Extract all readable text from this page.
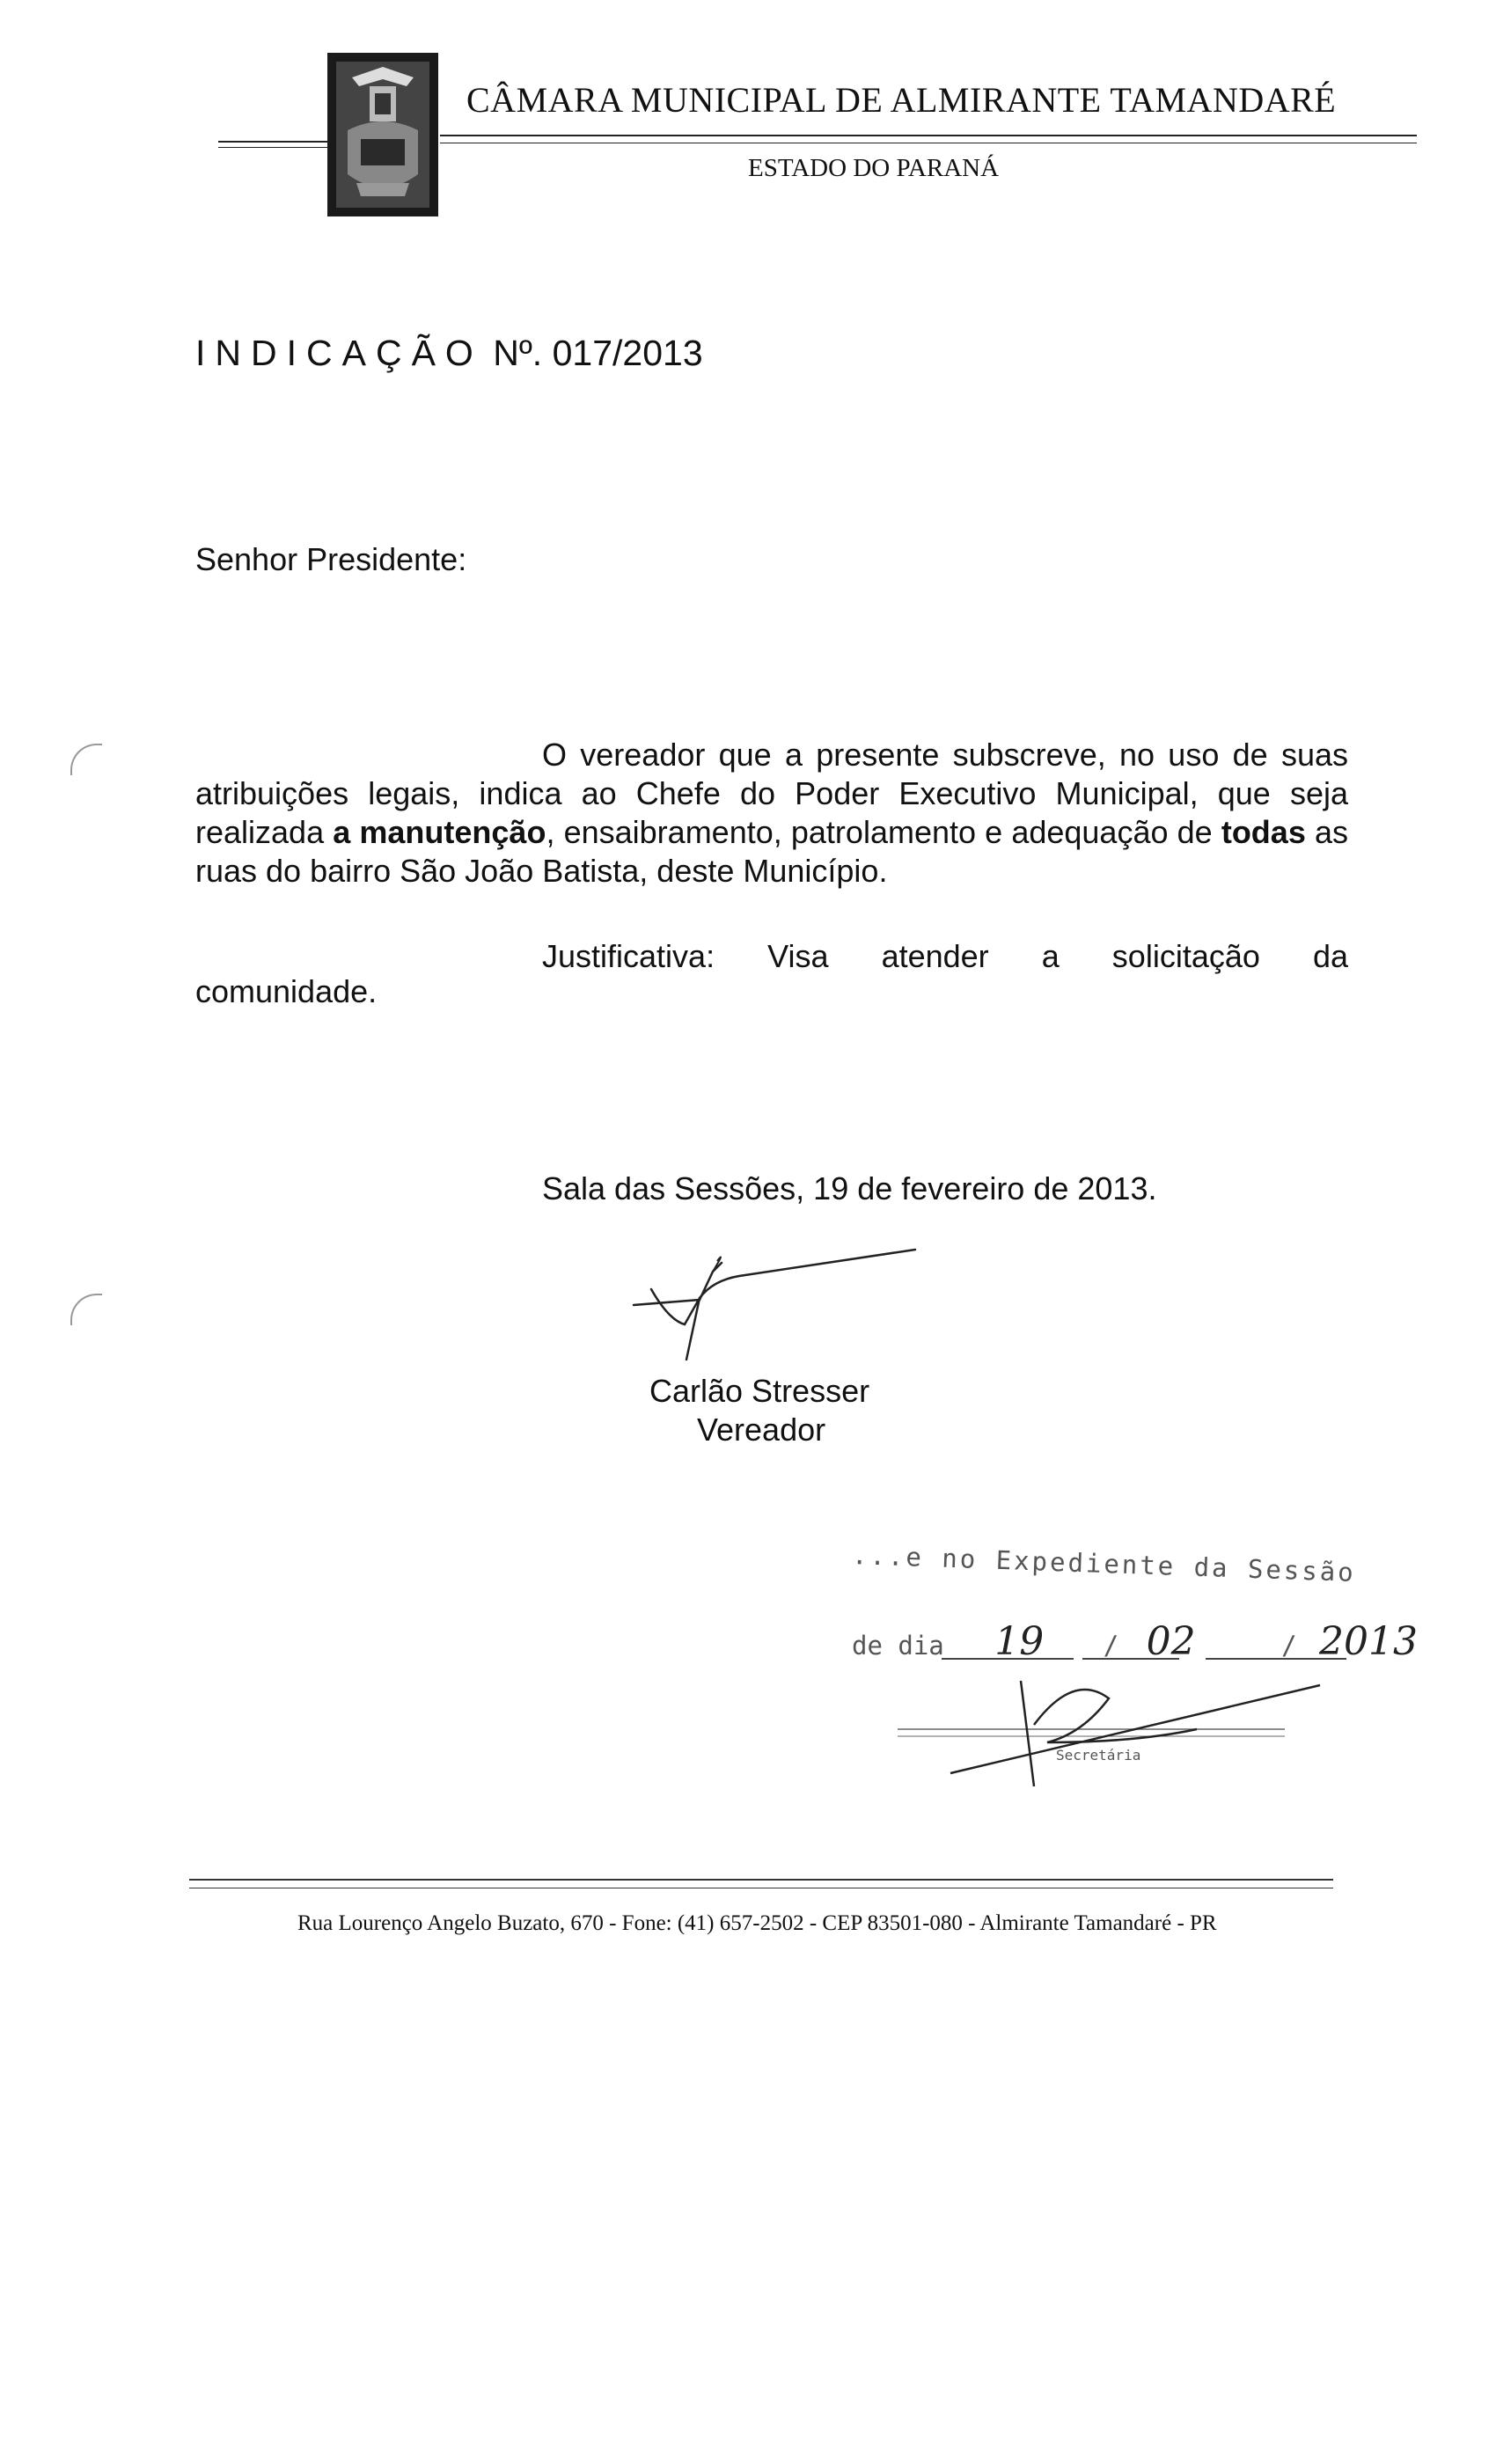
CÂMARA MUNICIPAL DE ALMIRANTE TAMANDARÉ
ESTADO DO PARANÁ
INDICAÇÃO Nº. 017/2013
Senhor Presidente:
O vereador que a presente subscreve, no uso de suas atribuições legais, indica ao Chefe do Poder Executivo Municipal, que seja realizada a manutenção, ensaibramento, patrolamento e adequação de todas as ruas do bairro São João Batista, deste Município.
Justificativa: Visa atender a solicitação da
comunidade.
Sala das Sessões, 19 de fevereiro de 2013.
Carlão Stresser
Vereador
...e no Expediente da Sessão
de dia 19 / 02	/ 2013
Secretária
Rua Lourenço Angelo Buzato, 670 - Fone: (41) 657-2502 - CEP 83501-080 - Almirante Tamandaré - PR
